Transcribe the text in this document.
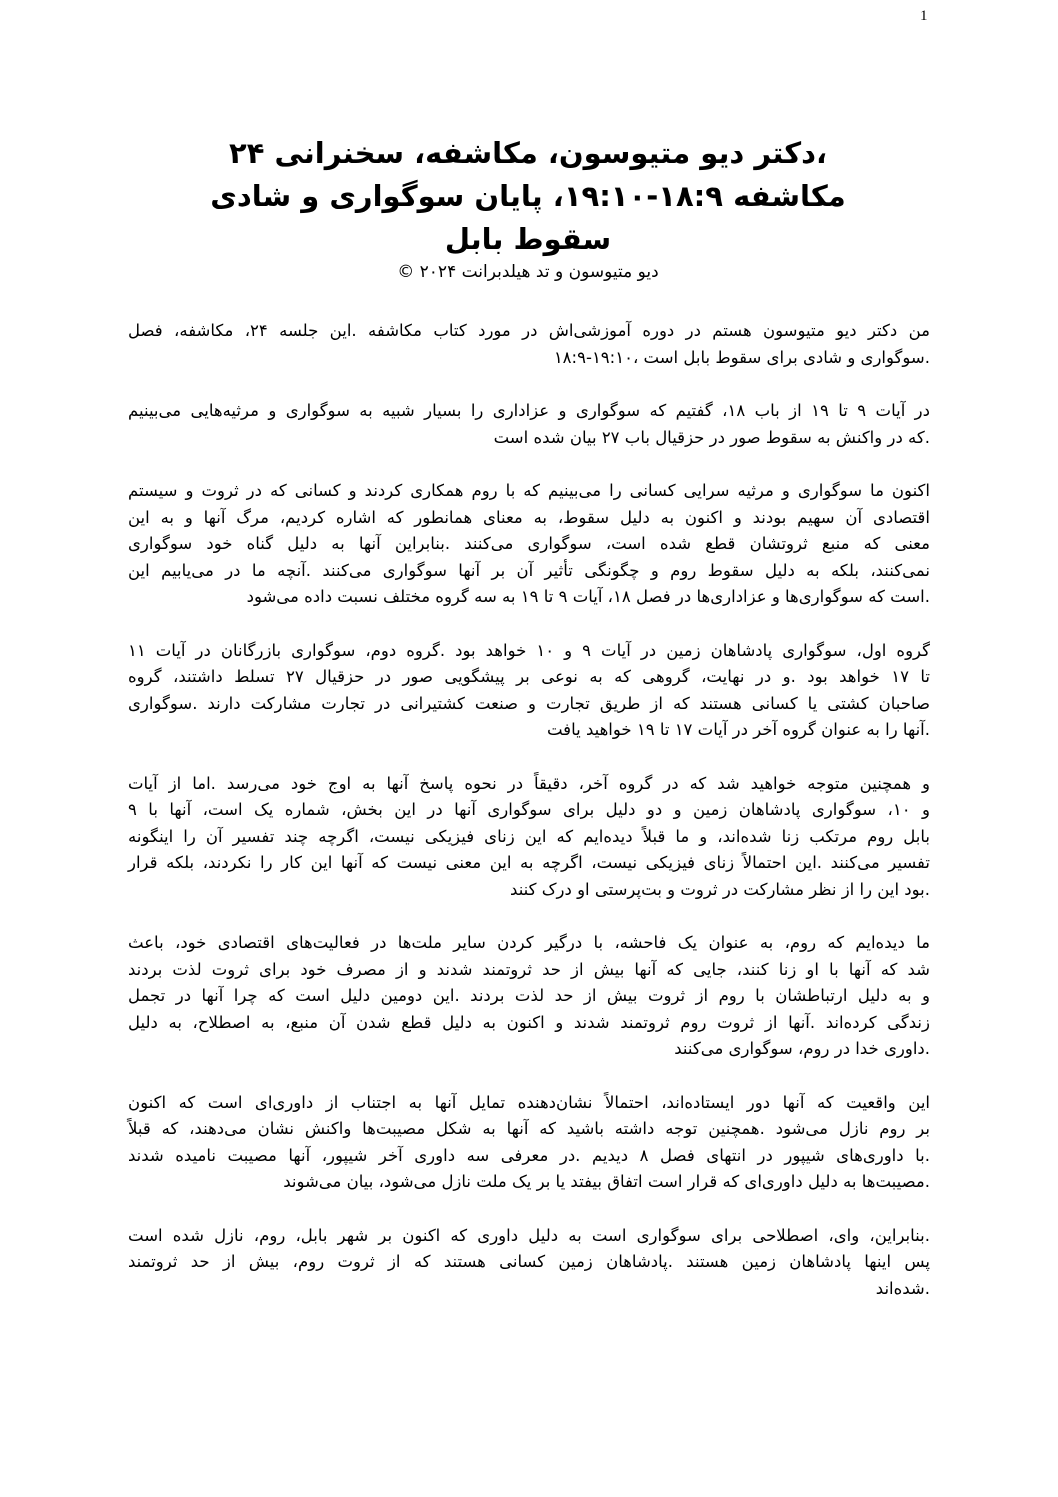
1
،دکتر دیو متیوسون، مکاشفه، سخنرانی ۲۴
مکاشفه ۱۸:۹-۱۹:۱۰، پایان سوگواری و شادی
سقوط بابل
دیو متیوسون و تد هیلدبرانت ۲۰۲۴ ©
من دکتر دیو متیوسون هستم در دوره آموزشی‌اش در مورد کتاب مکاشفه .این جلسه ۲۴، مکاشفه، فصل
.سوگواری و شادی برای سقوط بابل است ،۱۹:۱۰-۱۸:۹
در آیات ۹ تا ۱۹ از باب ۱۸، گفتیم که سوگواری و عزاداری را بسیار شبیه به سوگواری و مرثیه‌هایی می‌بینیم
.که در واکنش به سقوط صور در حزقیال باب ۲۷ بیان شده است
اکنون ما سوگواری و مرثیه سرایی کسانی را می‌بینیم که با روم همکاری کردند و کسانی که در ثروت و سیستم
اقتصادی آن سهیم بودند و اکنون به دلیل سقوط، به معنای همانطور که اشاره کردیم، مرگ آنها و به این
معنی که منبع ثروتشان قطع شده است، سوگواری می‌کنند .بنابراین آنها به دلیل گناه خود سوگواری
نمی‌کنند، بلکه به دلیل سقوط روم و چگونگی تأثیر آن بر آنها سوگواری می‌کنند .آنچه ما در می‌یابیم این
.است که سوگواری‌ها و عزاداری‌ها در فصل ۱۸، آیات ۹ تا ۱۹ به سه گروه مختلف نسبت داده می‌شود
گروه اول، سوگواری پادشاهان زمین در آیات ۹ و ۱۰ خواهد بود .گروه دوم، سوگواری بازرگانان در آیات ۱۱
تا ۱۷ خواهد بود .و در نهایت، گروهی که به نوعی بر پیشگویی صور در حزقیال ۲۷ تسلط داشتند، گروه
صاحبان کشتی یا کسانی هستند که از طریق تجارت و صنعت کشتیرانی در تجارت مشارکت دارند .سوگواری
.آنها را به عنوان گروه آخر در آیات ۱۷ تا ۱۹ خواهید یافت
و همچنین متوجه خواهید شد که در گروه آخر، دقیقاً در نحوه پاسخ آنها به اوج خود می‌رسد .اما از آیات
و ۱۰، سوگواری پادشاهان زمین و دو دلیل برای سوگواری آنها در این بخش، شماره یک است، آنها با ۹
بابل روم مرتکب زنا شده‌اند، و ما قبلاً دیده‌ایم که این زنای فیزیکی نیست، اگرچه چند تفسیر آن را اینگونه
تفسیر می‌کنند .این احتمالاً زنای فیزیکی نیست، اگرچه به این معنی نیست که آنها این کار را نکردند، بلکه قرار
.بود این را از نظر مشارکت در ثروت و بت‌پرستی او درک کنند
ما دیده‌ایم که روم، به عنوان یک فاحشه، با درگیر کردن سایر ملت‌ها در فعالیت‌های اقتصادی خود، باعث
شد که آنها با او زنا کنند، جایی که آنها بیش از حد ثروتمند شدند و از مصرف خود برای ثروت لذت بردند
و به دلیل ارتباطشان با روم از ثروت بیش از حد لذت بردند .این دومین دلیل است که چرا آنها در تجمل
زندگی کرده‌اند .آنها از ثروت روم ثروتمند شدند و اکنون به دلیل قطع شدن آن منبع، به اصطلاح، به دلیل
.داوری خدا در روم، سوگواری می‌کنند
این واقعیت که آنها دور ایستاده‌اند، احتمالاً نشان‌دهنده تمایل آنها به اجتناب از داوری‌ای است که اکنون
بر روم نازل می‌شود .همچنین توجه داشته باشید که آنها به شکل مصیبت‌ها واکنش نشان می‌دهند، که قبلاً
.با داوری‌های شیپور در انتهای فصل ۸ دیدیم .در معرفی سه داوری آخر شیپور، آنها مصیبت نامیده شدند
.مصیبت‌ها به دلیل داوری‌ای که قرار است اتفاق بیفتد یا بر یک ملت نازل می‌شود، بیان می‌شوند
.بنابراین، وای، اصطلاحی برای سوگواری است به دلیل داوری که اکنون بر شهر بابل، روم، نازل شده است
پس اینها پادشاهان زمین هستند .پادشاهان زمین کسانی هستند که از ثروت روم، بیش از حد ثروتمند
.شده‌اند
